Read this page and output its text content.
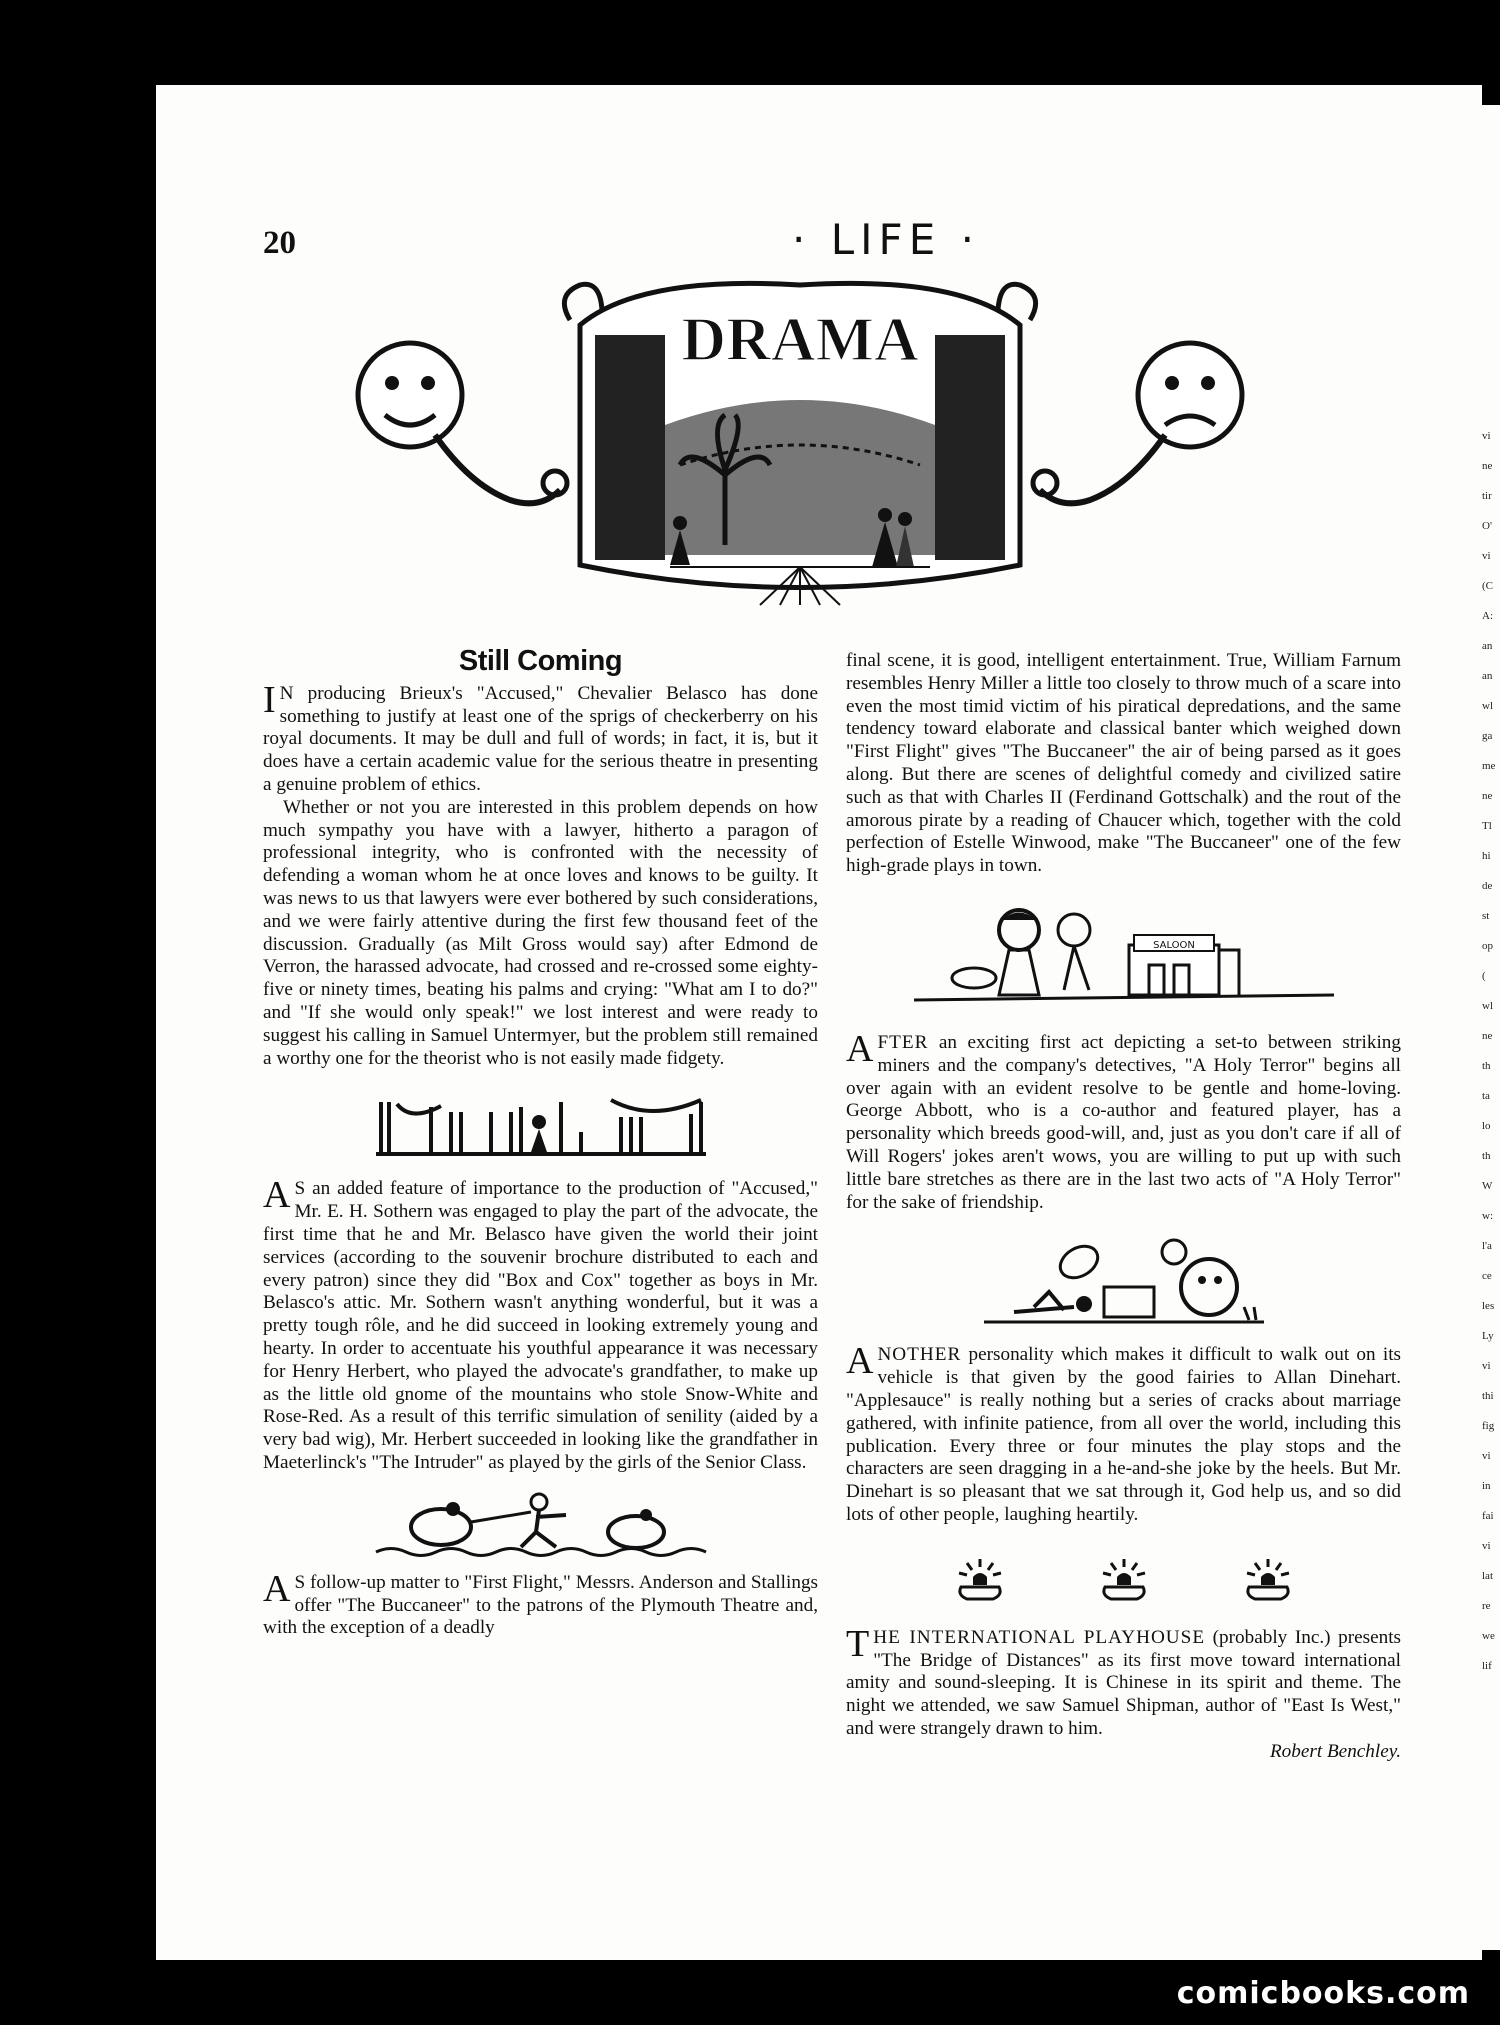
20	· LIFE ·
DRAMA
Still Coming

I N producing Brieux's "Accused," Chevalier Belasco has done something to justify at least one of the sprigs of checkerberry on his royal documents. It may be dull and full of words; in fact, it is, but it does have a certain academic value for the serious theatre in presenting a genuine problem of ethics.

Whether or not you are interested in this problem depends on how much sympathy you have with a lawyer, hitherto a paragon of professional integrity, who is confronted with the necessity of defending a woman whom he at once loves and knows to be guilty. It was news to us that lawyers were ever bothered by such considerations, and we were fairly attentive during the first few thousand feet of the discussion. Gradually (as Milt Gross would say) after Edmond de Verron, the harassed advocate, had crossed and re-crossed some eighty-five or ninety times, beating his palms and crying: "What am I to do?" and "If she would only speak!" we lost interest and were ready to suggest his calling in Samuel Untermyer, but the problem still remained a worthy one for the theorist who is not easily made fidgety.

A S an added feature of importance to the production of "Accused," Mr. E. H. Sothern was engaged to play the part of the advocate, the first time that he and Mr. Belasco have given the world their joint services (according to the souvenir brochure distributed to each and every patron) since they did "Box and Cox" together as boys in Mr. Belasco's attic. Mr. Sothern wasn't anything wonderful, but it was a pretty tough rôle, and he did succeed in looking extremely young and hearty. In order to accentuate his youthful appearance it was necessary for Henry Herbert, who played the advocate's grandfather, to make up as the little old gnome of the mountains who stole Snow-White and Rose-Red. As a result of this terrific simulation of senility (aided by a very bad wig), Mr. Herbert succeeded in looking like the grandfather in Maeterlinck's "The Intruder" as played by the girls of the Senior Class.

A S follow-up matter to "First Flight," Messrs. Anderson and Stallings offer "The Buccaneer" to the patrons of the Plymouth Theatre and, with the exception of a deadly

final scene, it is good, intelligent entertainment. True, William Farnum resembles Henry Miller a little too closely to throw much of a scare into even the most timid victim of his piratical depredations, and the same tendency toward elaborate and classical banter which weighed down "First Flight" gives "The Buccaneer" the air of being parsed as it goes along. But there are scenes of delightful comedy and civilized satire such as that with Charles II (Ferdinand Gottschalk) and the rout of the amorous pirate by a reading of Chaucer which, together with the cold perfection of Estelle Winwood, make "The Buccaneer" one of the few high-grade plays in town.

SALOON

AFTER an exciting first act depicting a set-to between striking miners and the company's detectives, "A Holy Terror" begins all over again with an evident resolve to be gentle and home-loving. George Abbott, who is a co-author and featured player, has a personality which breeds good-will, and, just as you don't care if all of Will Rogers' jokes aren't wows, you are willing to put up with such little bare stretches as there are in the last two acts of "A Holy Terror" for the sake of friendship.

ANOTHER personality which makes it difficult to walk out on its vehicle is that given by the good fairies to Allan Dinehart. "Applesauce" is really nothing but a series of cracks about marriage gathered, with infinite patience, from all over the world, including this publication. Every three or four minutes the play stops and the characters are seen dragging in a he-and-she joke by the heels. But Mr. Dinehart is so pleasant that we sat through it, God help us, and so did lots of other people, laughing heartily.

THE INTERNATIONAL PLAYHOUSE (probably Inc.) presents "The Bridge of Distances" as its first move toward international amity and sound-sleeping. It is Chinese in its spirit and theme. The night we attended, we saw Samuel Shipman, author of "East Is West," and were strangely drawn to him.

Robert Benchley.
vi
ne
tir
O'
vi
(C
A:
an
an
wl
ga
me
ne
Tl
hi
de
st
op
(
wl
ne
th
ta
lo
th
W
w:
l'a
ce
les
Ly
vi
thi
fig
vi
in
fai
vi
lat
re
we
lif
comicbooks.com
